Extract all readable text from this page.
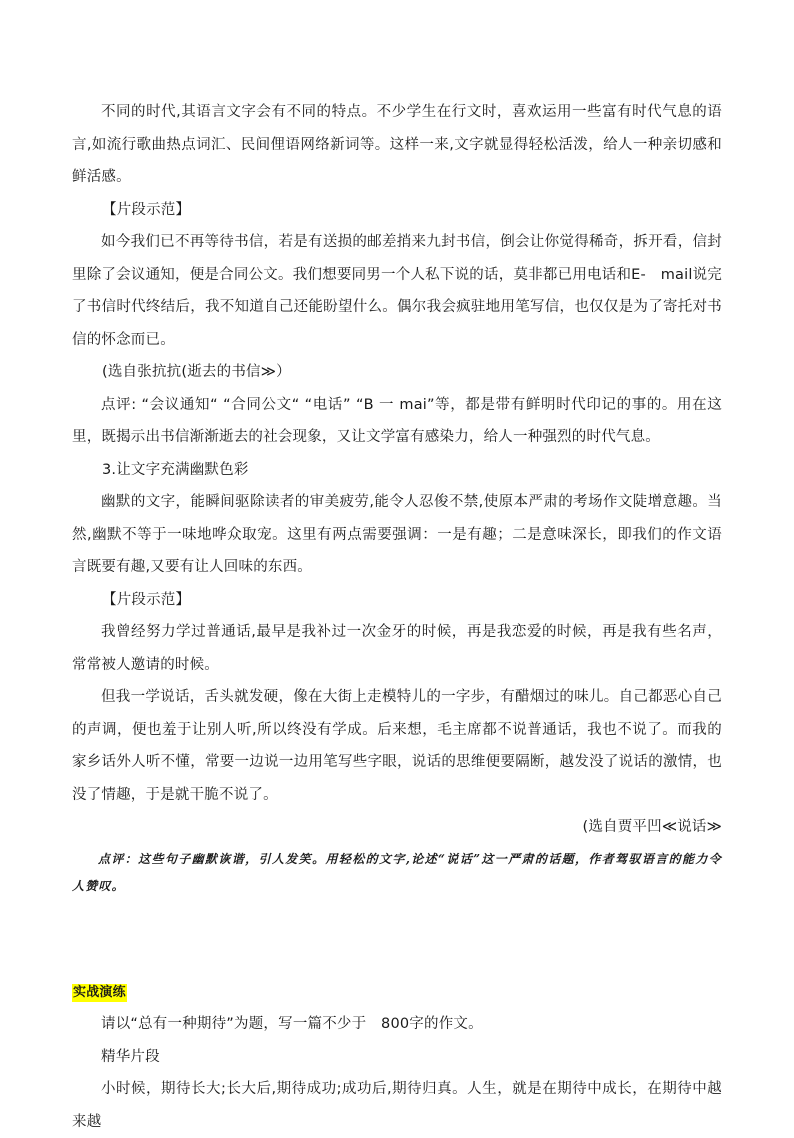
不同的时代,其语言文字会有不同的特点。不少学生在行文时，喜欢运用一些富有时代气息的语言,如流行歌曲热点词汇、民间俚语网络新词等。这样一来,文字就显得轻松活泼，给人一种亲切感和鲜活感。

【片段示范】

如今我们已不再等待书信，若是有送损的邮差捎来九封书信，倒会让你觉得稀奇，拆开看，信封里除了会议通知，便是合同公文。我们想要同男一个人私下说的话，莫非都已用电话和E-　mail说完了书信时代终结后，我不知道自己还能盼望什么。偶尔我会疯驻地用笔写信，也仅仅是为了寄托对书信的怀念而已。

(选自张抗抗(逝去的书信≫）

点评: “会议通知“ “合同公文“ “电话” “B 一 mai”等，都是带有鲜明时代印记的事的。用在这里，既揭示出书信渐渐逝去的社会现象，又让文学富有感染力，给人一种强烈的时代气息。

3.让文字充满幽默色彩

幽默的文字，能瞬间驱除读者的审美疲劳,能令人忍俊不禁,使原本严肃的考场作文陡增意趣。当然,幽默不等于一味地哗众取宠。这里有两点需要强调：一是有趣；二是意味深长，即我们的作文语言既要有趣,又要有让人回味的东西。

【片段示范】

我曾经努力学过普通话,最早是我补过一次金牙的时候，再是我恋爱的时候，再是我有些名声，常常被人邀请的时候。

但我一学说话，舌头就发硬，像在大街上走模特儿的一字步，有醋烟过的味儿。自己都恶心自己的声调，便也羞于让别人听,所以终没有学成。后来想，毛主席都不说普通话，我也不说了。而我的家乡话外人听不懂，常要一边说一边用笔写些字眼，说话的思维便要隔断，越发没了说话的激情，也没了情趣，于是就干脆不说了。

(选自贾平凹≪说话≫

点评：这些句子幽默诙谐，引人发笑。用轻松的文字,论述“说话”这一严肃的话题，作者驾驭语言的能力令人赞叹。

实战演练

请以“总有一种期待”为题，写一篇不少于　800字的作文。

精华片段

小时候，期待长大;长大后,期待成功;成功后,期待归真。人生，就是在期待中成长，在期待中越来越
